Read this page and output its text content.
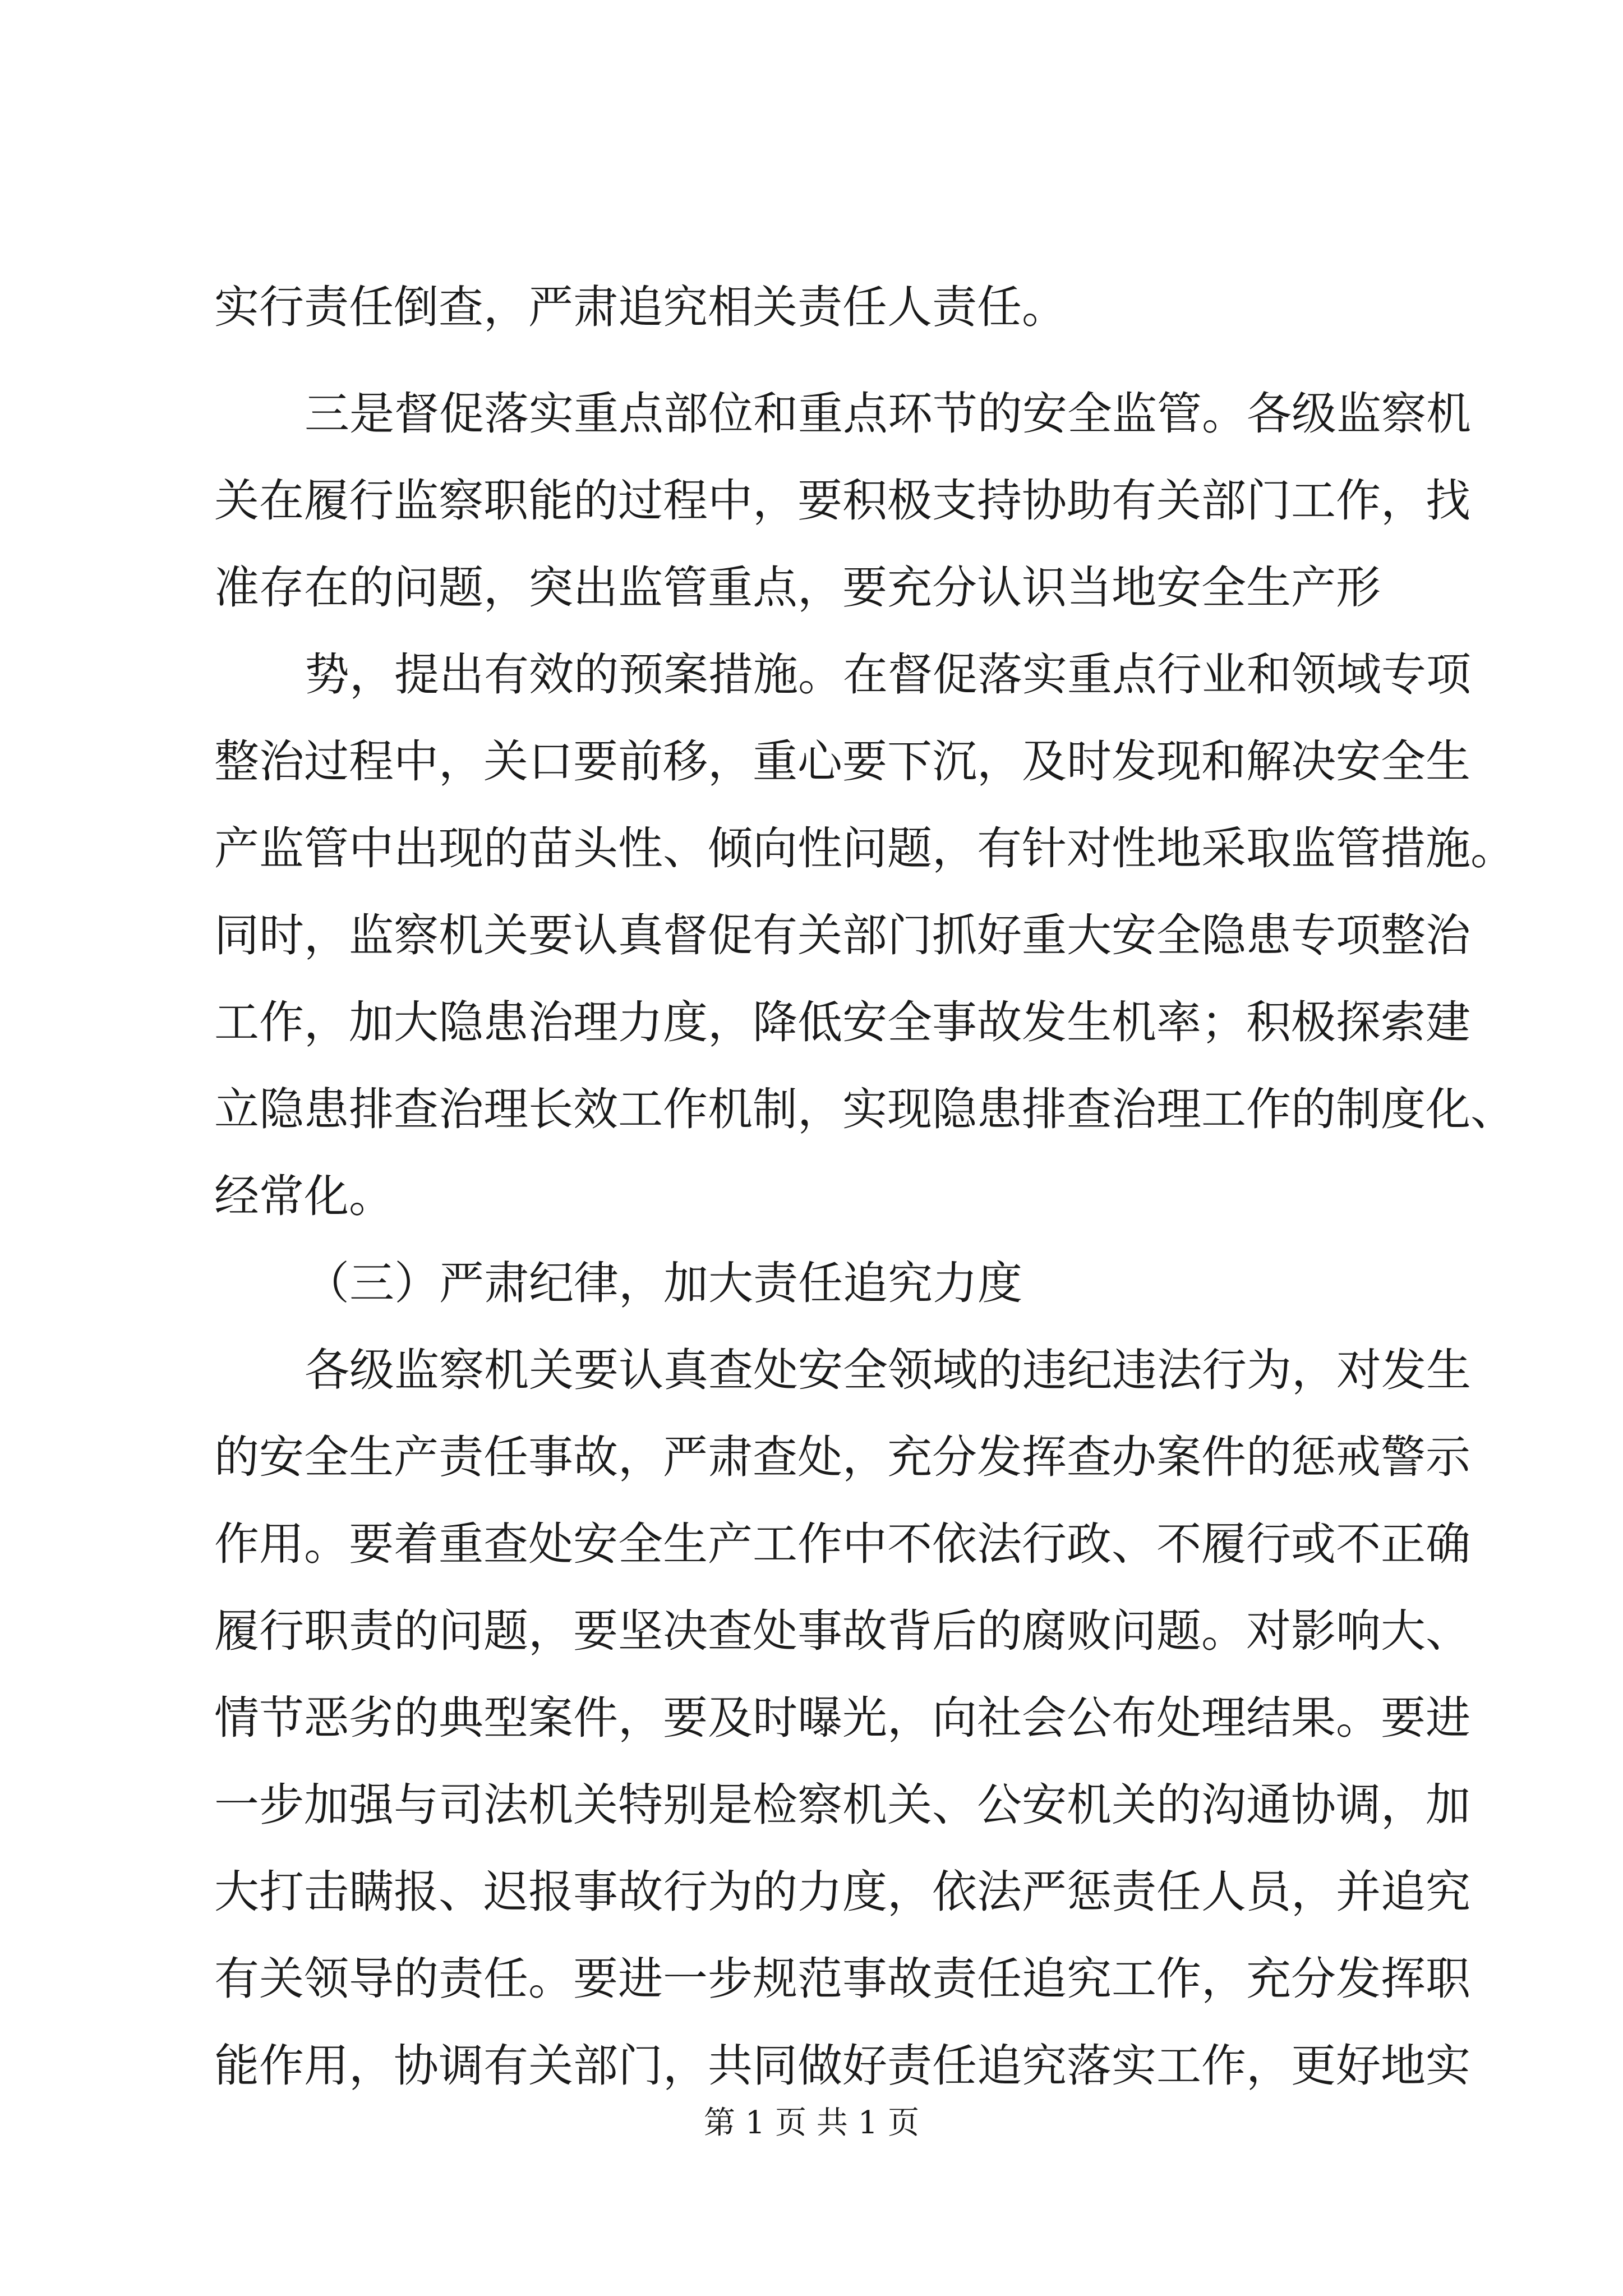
实行责任倒查，严肃追究相关责任人责任。
三是督促落实重点部位和重点环节的安全监管。各级监察机
关在履行监察职能的过程中，要积极支持协助有关部门工作，找
准存在的问题，突出监管重点，要充分认识当地安全生产形
势，提出有效的预案措施。在督促落实重点行业和领域专项
整治过程中，关口要前移，重心要下沉，及时发现和解决安全生
产监管中出现的苗头性、倾向性问题，有针对性地采取监管措施。
同时，监察机关要认真督促有关部门抓好重大安全隐患专项整治
工作，加大隐患治理力度，降低安全事故发生机率；积极探索建
立隐患排查治理长效工作机制，实现隐患排查治理工作的制度化、
经常化。
（三）严肃纪律，加大责任追究力度
各级监察机关要认真查处安全领域的违纪违法行为，对发生
的安全生产责任事故，严肃查处，充分发挥查办案件的惩戒警示
作用。要着重查处安全生产工作中不依法行政、不履行或不正确
履行职责的问题，要坚决查处事故背后的腐败问题。对影响大、
情节恶劣的典型案件，要及时曝光，向社会公布处理结果。要进
一步加强与司法机关特别是检察机关、公安机关的沟通协调，加
大打击瞒报、迟报事故行为的力度，依法严惩责任人员，并追究
有关领导的责任。要进一步规范事故责任追究工作，充分发挥职
能作用，协调有关部门，共同做好责任追究落实工作，更好地实
第 1 页 共 1 页
